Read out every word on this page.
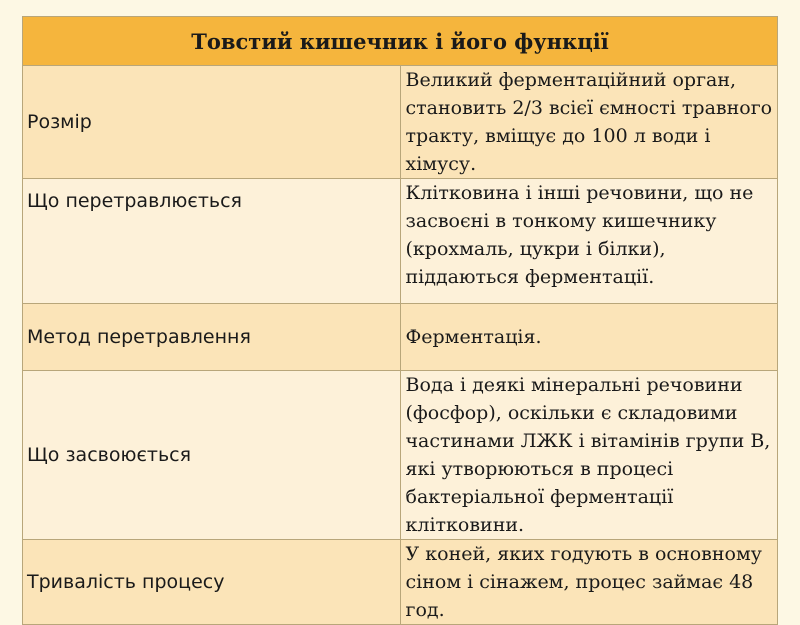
Товстий кишечник і його функції	
Розмір	Великий ферментаційний орган, становить 2/3 всієї ємності травного тракту, вміщує до 100 л води і хімусу.
Що перетравлюється	Клітковина і інші речовини, що не засвоєні в тонкому кишечнику (крохмаль, цукри і білки), піддаються ферментації.
Метод перетравлення	Ферментація.
Що засвоюється	Вода і деякі мінеральні речовини (фосфор), оскільки є складовими частинами ЛЖК і вітамінів групи В, які утворюються в процесі бактеріальної ферментації клітковини.
Тривалість процесу	У коней, яких годують в основному сіном і сінажем, процес займає 48 год.
